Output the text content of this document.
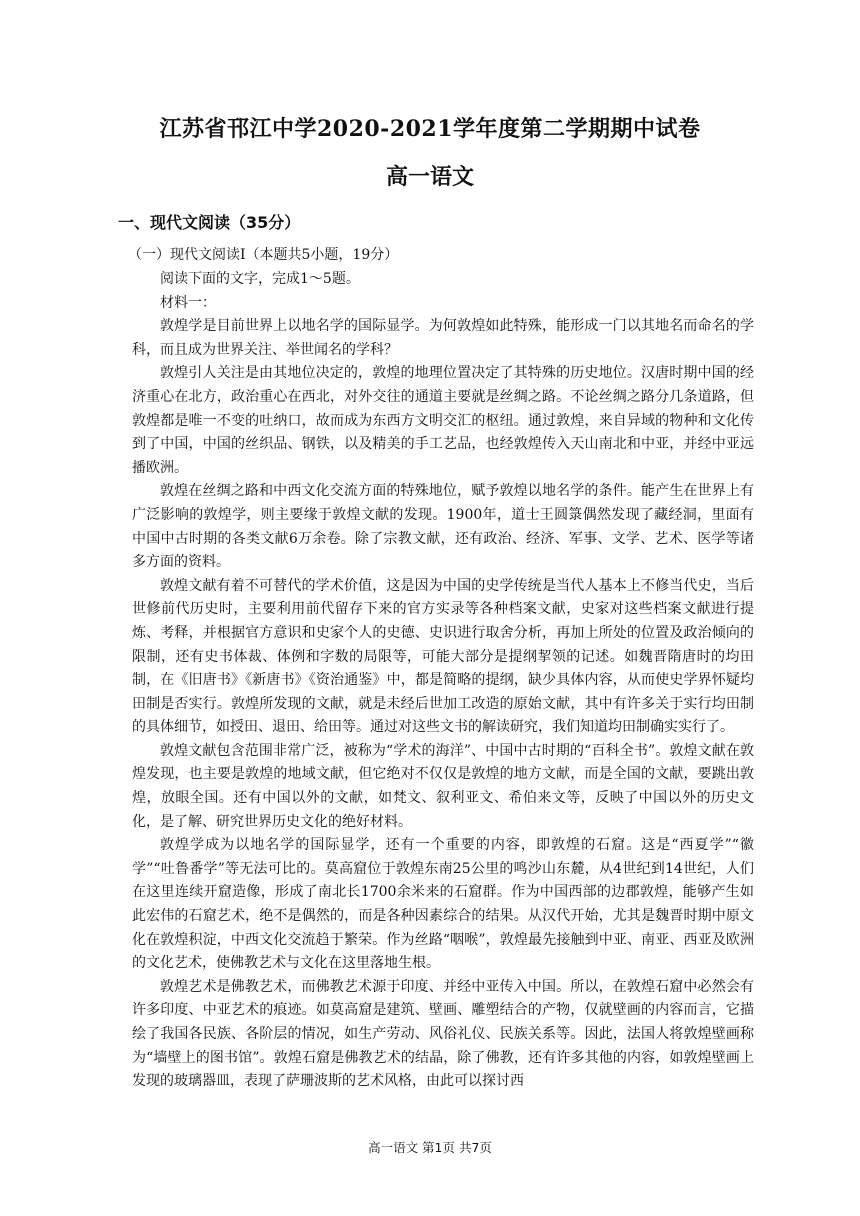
江苏省邗江中学2020-2021学年度第二学期期中试卷
高一语文
一、现代文阅读（35分）
（一）现代文阅读Ⅰ（本题共5小题，19分）

阅读下面的文字，完成1～5题。

材料一：

敦煌学是目前世界上以地名学的国际显学。为何敦煌如此特殊，能形成一门以其地名而命名的学科，而且成为世界关注、举世闻名的学科？

敦煌引人关注是由其地位决定的，敦煌的地理位置决定了其特殊的历史地位。汉唐时期中国的经济重心在北方，政治重心在西北，对外交往的通道主要就是丝绸之路。不论丝绸之路分几条道路，但敦煌都是唯一不变的吐纳口，故而成为东西方文明交汇的枢纽。通过敦煌，来自异域的物种和文化传到了中国，中国的丝织品、钢铁，以及精美的手工艺品，也经敦煌传入天山南北和中亚，并经中亚远播欧洲。

敦煌在丝绸之路和中西文化交流方面的特殊地位，赋予敦煌以地名学的条件。能产生在世界上有广泛影响的敦煌学，则主要缘于敦煌文献的发现。1900年，道士王圆箓偶然发现了藏经洞，里面有中国中古时期的各类文献6万余卷。除了宗教文献，还有政治、经济、军事、文学、艺术、医学等诸多方面的资料。

敦煌文献有着不可替代的学术价值，这是因为中国的史学传统是当代人基本上不修当代史，当后世修前代历史时，主要利用前代留存下来的官方实录等各种档案文献，史家对这些档案文献进行提炼、考释，并根据官方意识和史家个人的史德、史识进行取舍分析，再加上所处的位置及政治倾向的限制，还有史书体裁、体例和字数的局限等，可能大部分是提纲挈领的记述。如魏晋隋唐时的均田制，在《旧唐书》《新唐书》《资治通鉴》中，都是简略的提纲，缺少具体内容，从而使史学界怀疑均田制是否实行。敦煌所发现的文献，就是未经后世加工改造的原始文献，其中有许多关于实行均田制的具体细节，如授田、退田、给田等。通过对这些文书的解读研究，我们知道均田制确实实行了。

敦煌文献包含范围非常广泛，被称为“学术的海洋”、中国中古时期的“百科全书”。敦煌文献在敦煌发现，也主要是敦煌的地域文献，但它绝对不仅仅是敦煌的地方文献，而是全国的文献，要跳出敦煌，放眼全国。还有中国以外的文献，如梵文、叙利亚文、希伯来文等，反映了中国以外的历史文化，是了解、研究世界历史文化的绝好材料。

敦煌学成为以地名学的国际显学，还有一个重要的内容，即敦煌的石窟。这是“西夏学”“徽学”“吐鲁番学”等无法可比的。莫高窟位于敦煌东南25公里的鸣沙山东麓，从4世纪到14世纪，人们在这里连续开窟造像，形成了南北长1700余米来的石窟群。作为中国西部的边郡敦煌，能够产生如此宏伟的石窟艺术，绝不是偶然的，而是各种因素综合的结果。从汉代开始，尤其是魏晋时期中原文化在敦煌积淀，中西文化交流趋于繁荣。作为丝路“咽喉”，敦煌最先接触到中亚、南亚、西亚及欧洲的文化艺术，使佛教艺术与文化在这里落地生根。

敦煌艺术是佛教艺术，而佛教艺术源于印度、并经中亚传入中国。所以，在敦煌石窟中必然会有许多印度、中亚艺术的痕迹。如莫高窟是建筑、壁画、雕塑结合的产物，仅就壁画的内容而言，它描绘了我国各民族、各阶层的情况，如生产劳动、风俗礼仪、民族关系等。因此，法国人将敦煌壁画称为“墙壁上的图书馆”。敦煌石窟是佛教艺术的结晶，除了佛教，还有许多其他的内容，如敦煌壁画上发现的玻璃器皿，表现了萨珊波斯的艺术风格，由此可以探讨西

高一语文 第1页 共7页
